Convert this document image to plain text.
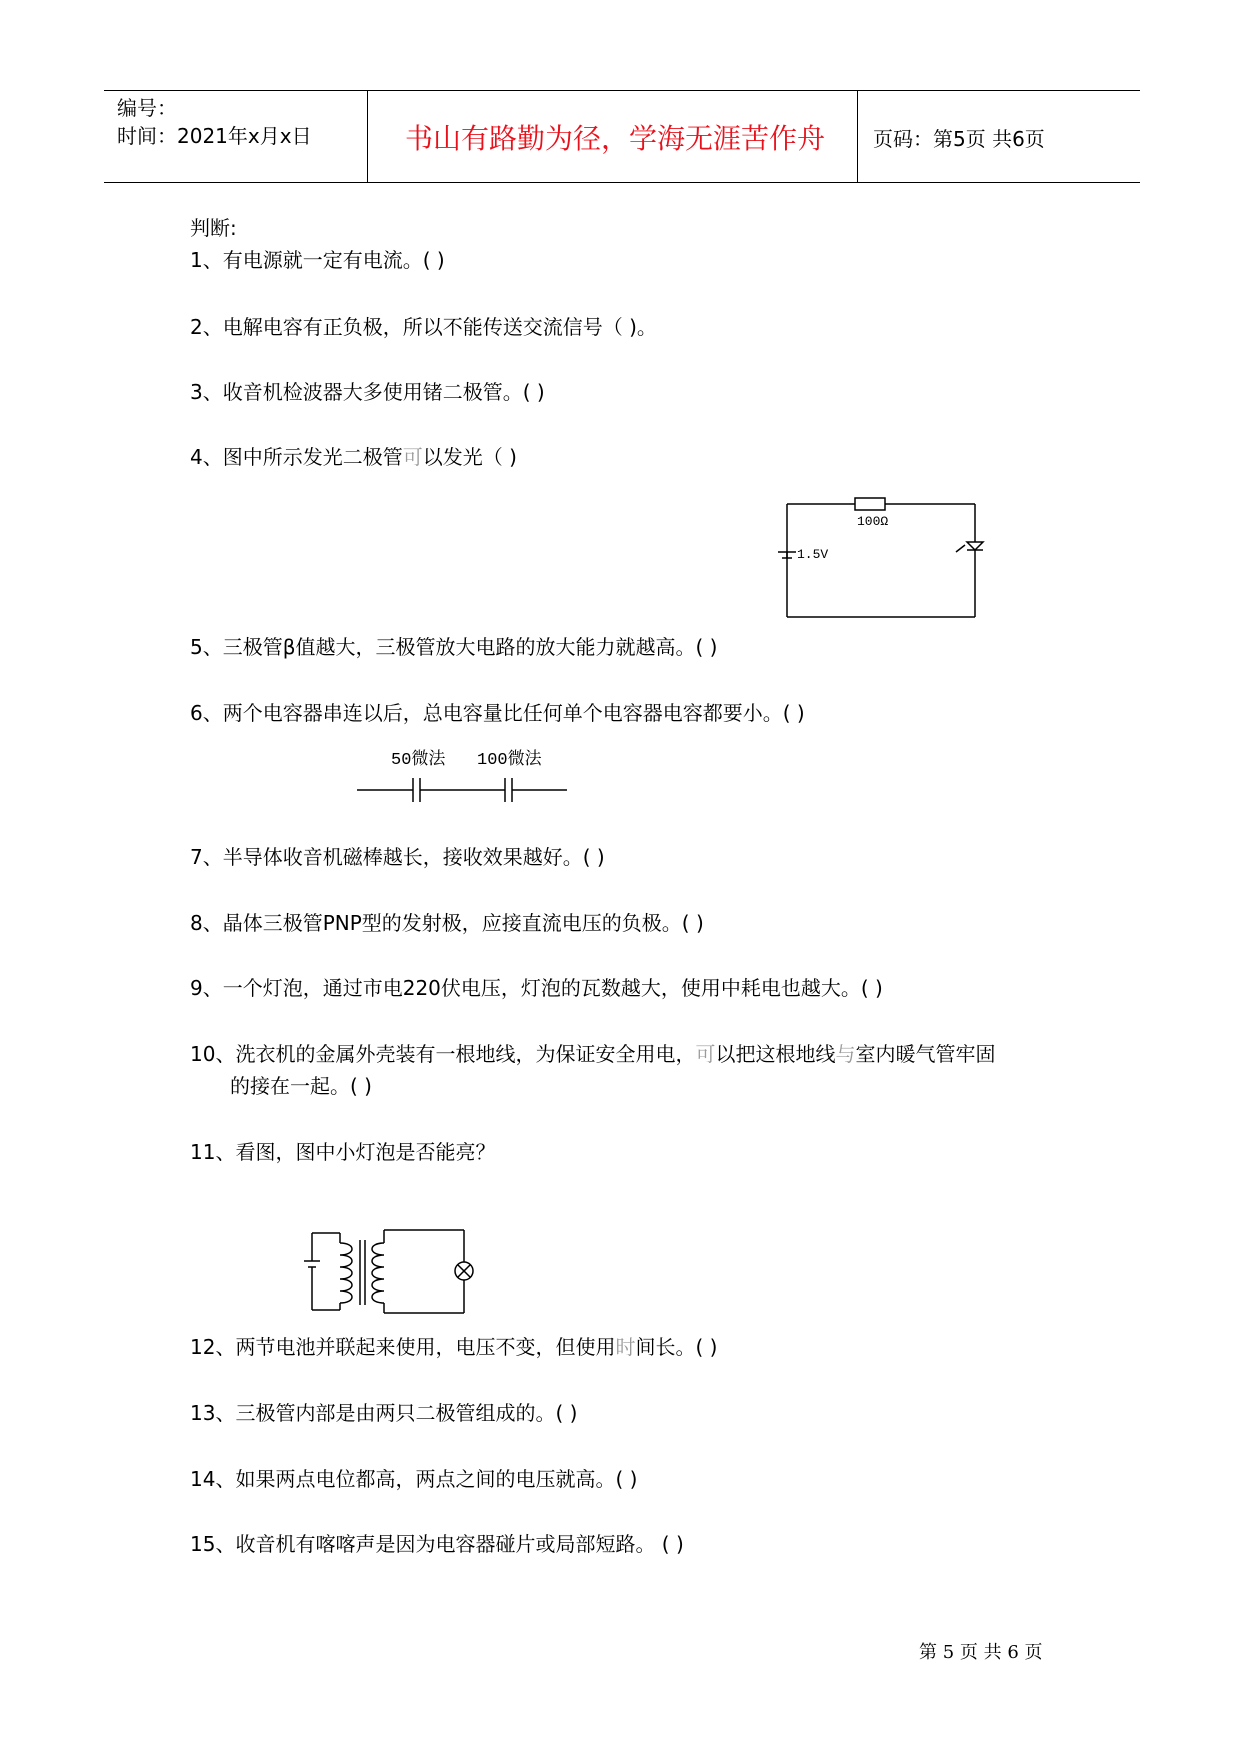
编号：
时间：2021年x月x日	书山有路勤为径，学海无涯苦作舟	页码：第5页 共6页
判断:
1、有电源就一定有电流。( )
2、电解电容有正负极，所以不能传送交流信号（ )。
3、收音机检波器大多使用锗二极管。( )
4、图中所示发光二极管可以发光（ )
100Ω
1.5V
5、三极管β值越大，三极管放大电路的放大能力就越高。( )
6、两个电容器串连以后，总电容量比任何单个电容器电容都要小。( )
50微法 100微法
7、半导体收音机磁棒越长，接收效果越好。( )
8、晶体三极管PNP型的发射极，应接直流电压的负极。( )
9、一个灯泡，通过市电220伏电压，灯泡的瓦数越大，使用中耗电也越大。( )
10、洗衣机的金属外壳装有一根地线，为保证安全用电，可以把这根地线与室内暖气管牢固
的接在一起。( )
11、看图，图中小灯泡是否能亮？
12、两节电池并联起来使用，电压不变，但使用时间长。( )
13、三极管内部是由两只二极管组成的。( )
14、如果两点电位都高，两点之间的电压就高。( )
15、收音机有喀喀声是因为电容器碰片或局部短路。 ( )
第 5 页 共 6 页
